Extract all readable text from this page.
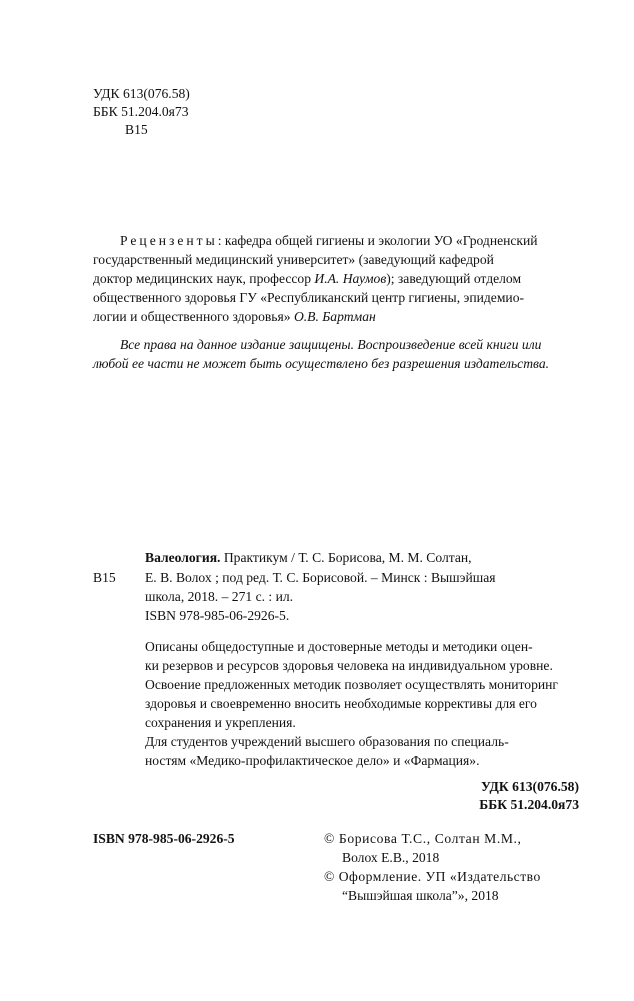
УДК 613(076.58)
ББК 51.204.0я73
В15
Рецензенты: кафедра общей гигиены и экологии УО «Гродненский
государственный медицинский университет» (заведующий кафедрой
доктор медицинских наук, профессор И.А. Наумов); заведующий отделом
общественного здоровья ГУ «Республиканский центр гигиены, эпидемио-
логии и общественного здоровья» О.В. Бартман
Все права на данное издание защищены. Воспроизведение всей книги или
любой ее части не может быть осуществлено без разрешения издательства.
В15
Валеология. Практикум / Т. С. Борисова, М. М. Солтан,
Е. В. Волох ; под ред. Т. С. Борисовой. – Минск : Вышэйшая
школа, 2018. – 271 с. : ил.
ISBN 978-985-06-2926-5.
Описаны общедоступные и достоверные методы и методики оцен-
ки резервов и ресурсов здоровья человека на индивидуальном уровне.
Освоение предложенных методик позволяет осуществлять мониторинг
здоровья и своевременно вносить необходимые коррективы для его
сохранения и укрепления.
Для студентов учреждений высшего образования по специаль-
ностям «Медико-профилактическое дело» и «Фармация».
УДК 613(076.58)
ББК 51.204.0я73
ISBN 978-985-06-2926-5	© Борисова Т.С., Солтан М.М.,
Волох Е.В., 2018
© Оформление. УП «Издательство
“Вышэйшая школа”», 2018
